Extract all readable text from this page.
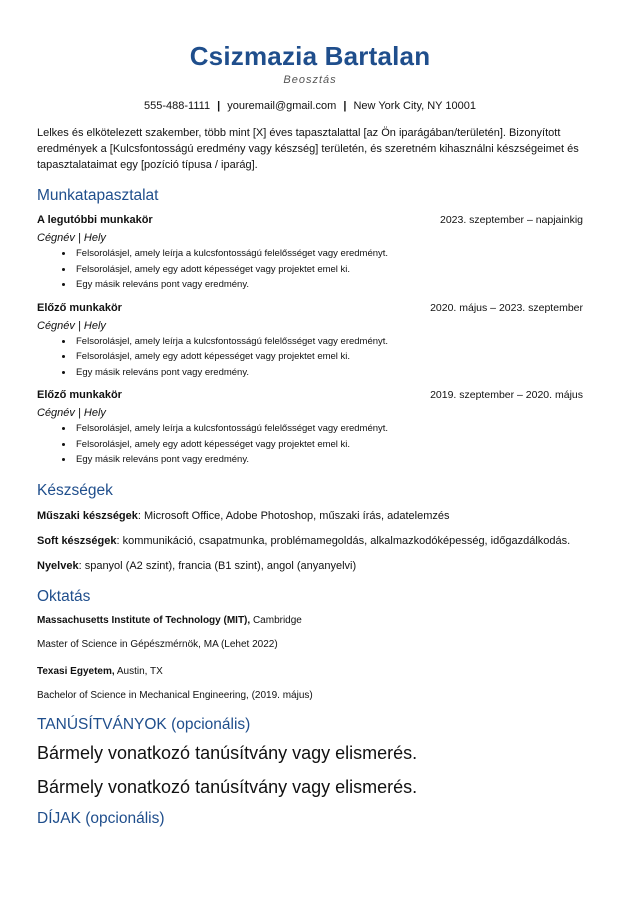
Csizmazia Bartalan
Beosztás
555-488-1111 | youremail@gmail.com | New York City, NY 10001
Lelkes és elkötelezett szakember, több mint [X] éves tapasztalattal [az Ön iparágában/területén]. Bizonyított eredmények a [Kulcsfontosságú eredmény vagy készség] területén, és szeretném kihasználni készségeimet és tapasztalataimat egy [pozíció típusa / iparág].
Munkatapasztalat
A legutóbbi munkakör	2023. szeptember – napjainkig
Cégnév | Hely
• Felsorolásjel, amely leírja a kulcsfontosságú felelősséget vagy eredményt.
• Felsorolásjel, amely egy adott képességet vagy projektet emel ki.
• Egy másik releváns pont vagy eredmény.
Előző munkakör	2020. május – 2023. szeptember
Cégnév | Hely
• Felsorolásjel, amely leírja a kulcsfontosságú felelősséget vagy eredményt.
• Felsorolásjel, amely egy adott képességet vagy projektet emel ki.
• Egy másik releváns pont vagy eredmény.
Előző munkakör	2019. szeptember – 2020. május
Cégnév | Hely
• Felsorolásjel, amely leírja a kulcsfontosságú felelősséget vagy eredményt.
• Felsorolásjel, amely egy adott képességet vagy projektet emel ki.
• Egy másik releváns pont vagy eredmény.
Készségek
Műszaki készségek: Microsoft Office, Adobe Photoshop, műszaki írás, adatelemzés
Soft készségek: kommunikáció, csapatmunka, problémamegoldás, alkalmazkodóképesség, időgazdálkodás.
Nyelvek: spanyol (A2 szint), francia (B1 szint), angol (anyanyelvi)
Oktatás
Massachusetts Institute of Technology (MIT), Cambridge
Master of Science in Gépészmérnök, MA (Lehet 2022)
Texasi Egyetem, Austin, TX
Bachelor of Science in Mechanical Engineering, (2019. május)
TANÚSÍTVÁNYOK (opcionális)
Bármely vonatkozó tanúsítvány vagy elismerés.
Bármely vonatkozó tanúsítvány vagy elismerés.
DÍJAK (opcionális)
